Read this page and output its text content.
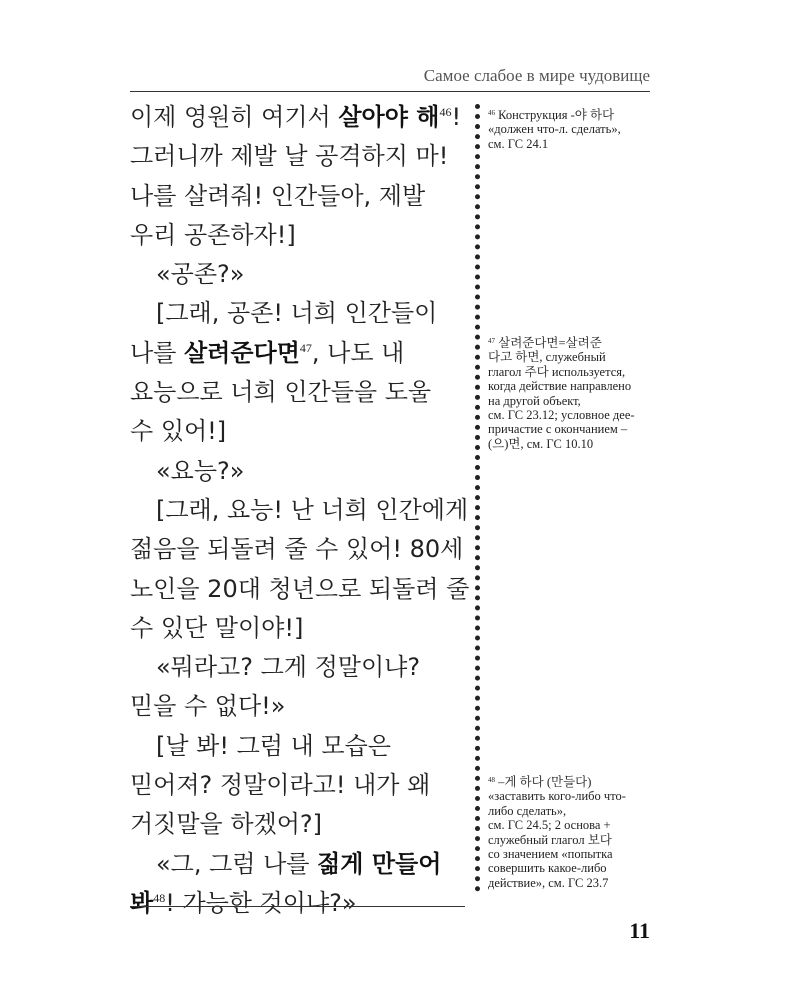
Самое слабое в мире чудовище
이제 영원히 여기서 살아야 해$^{46}$!
그러니까 제발 날 공격하지 마!
나를 살려줘! 인간들아, 제발
우리 공존하자!]
«공존?»
[그래, 공존! 너희 인간들이
나를 살려준다면$^{47}$, 나도 내
요능으로 너희 인간들을 도울
수 있어!]
«요능?»
[그래, 요능! 난 너희 인간에게
젊음을 되돌려 줄 수 있어! 80세
노인을 20대 청년으로 되돌려 줄
수 있단 말이야!]
«뭐라고? 그게 정말이냐?
믿을 수 없다!»
[날 봐! 그럼 내 모습은
믿어져? 정말이라고! 내가 왜
거짓말을 하겠어?]
«그, 그럼 나를 젊게 만들어
봐$^{48}$! 가능한 것이냐?»
$^{46}$ Конструкция -야 하다
«должен что-л. сделать»,
см. ГС 24.1
$^{47}$ 살려준다면=살려준
다고 하면, служебный
глагол 주다 используется,
когда действие направлено
на другой объект,
см. ГС 23.12; условное дее-
причастие с окончанием –
(으)면, см. ГС 10.10
$^{48}$ –게 하다 (만들다)
«заставить кого-либо что-
либо сделать»,
см. ГС 24.5; 2 основа +
служебный глагол 보다
со значением «попытка
совершить какое-либо
действие», см. ГС 23.7
11
